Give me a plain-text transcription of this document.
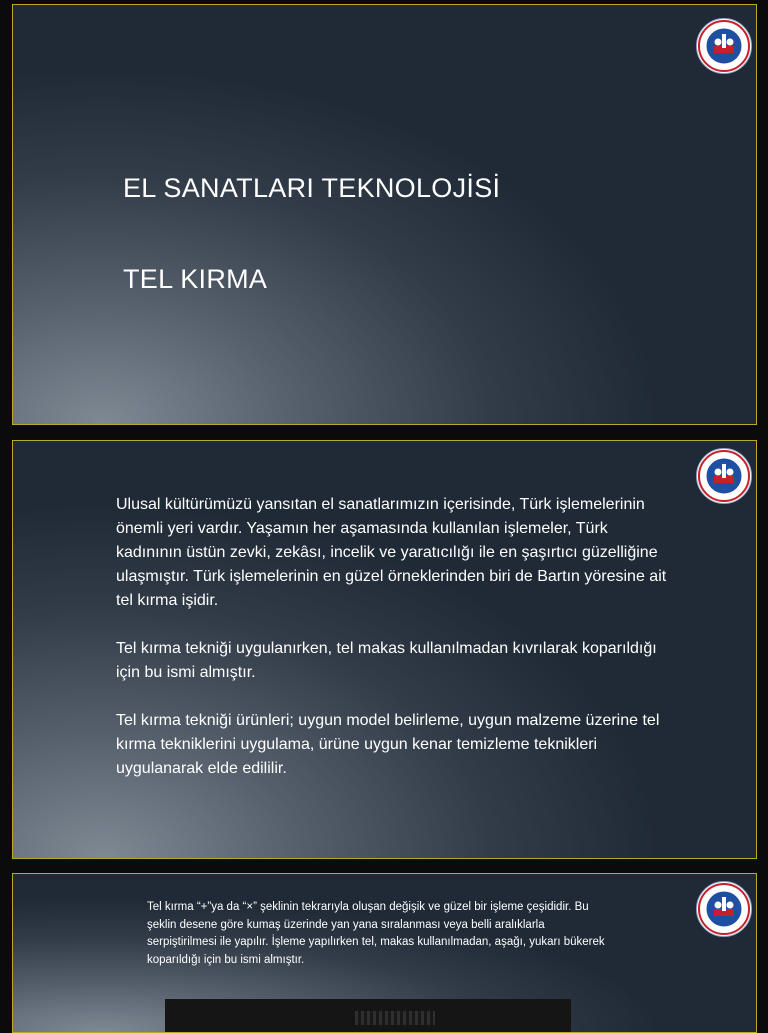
EL SANATLARI TEKNOLOJİSİ
TEL KIRMA

Ulusal kültürümüzü yansıtan el sanatlarımızın içerisinde, Türk işlemelerinin önemli yeri vardır. Yaşamın her aşamasında kullanılan işlemeler, Türk kadınının üstün zevki, zekâsı, incelik ve yaratıcılığı ile en şaşırtıcı güzelliğine ulaşmıştır. Türk işlemelerinin en güzel örneklerinden biri de Bartın yöresine ait tel kırma işidir.

Tel kırma tekniği uygulanırken, tel makas kullanılmadan kıvrılarak koparıldığı için bu ismi almıştır.

Tel kırma tekniği ürünleri; uygun model belirleme, uygun malzeme üzerine tel kırma tekniklerini uygulama, ürüne uygun kenar temizleme teknikleri uygulanarak elde edililir.

Tel kırma “+”ya da “×” şeklinin tekrarıyla oluşan değişik ve güzel bir işleme çeşididir. Bu şeklin desene göre kumaş üzerinde yan yana sıralanması veya belli aralıklarla serpiştirilmesi ile yapılır. İşleme yapılırken tel, makas kullanılmadan, aşağı, yukarı bükerek koparıldığı için bu ismi almıştır.
